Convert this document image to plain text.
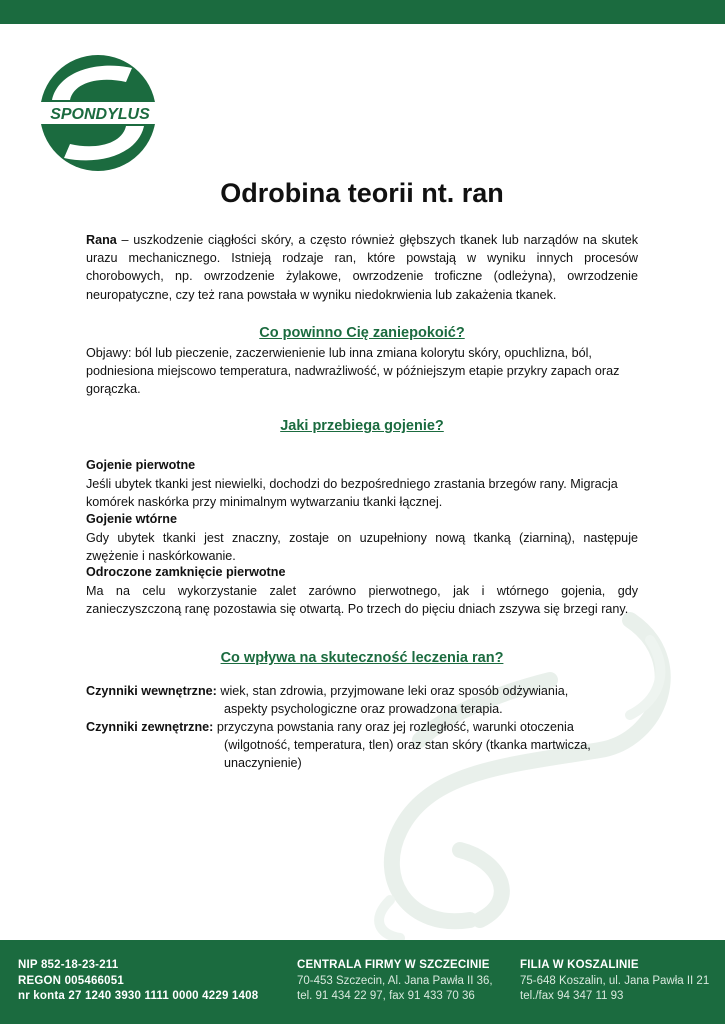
SPONDYLUS
Odrobina teorii nt. ran

Rana – uszkodzenie ciągłości skóry, a często również głębszych tkanek lub narządów na skutek urazu mechanicznego. Istnieją rodzaje ran, które powstają w wyniku innych procesów chorobowych, np. owrzodzenie żylakowe, owrzodzenie troficzne (odleżyna), owrzodzenie neuropatyczne, czy też rana powstała w wyniku niedokrwienia lub zakażenia tkanek.

Co powinno Cię zaniepokoić?

Objawy: ból lub pieczenie, zaczerwienienie lub inna zmiana kolorytu skóry, opuchlizna, ból, podniesiona miejscowo temperatura, nadwrażliwość, w późniejszym etapie przykry zapach oraz gorączka.

Jaki przebiega gojenie?

Gojenie pierwotne

Jeśli ubytek tkanki jest niewielki, dochodzi do bezpośredniego zrastania brzegów rany. Migracja komórek naskórka przy minimalnym wytwarzaniu tkanki łącznej.

Gojenie wtórne

Gdy ubytek tkanki jest znaczny, zostaje on uzupełniony nową tkanką (ziarniną), następuje zwężenie i naskórkowanie.

Odroczone zamknięcie pierwotne

Ma na celu wykorzystanie zalet zarówno pierwotnego, jak i wtórnego gojenia, gdy zanieczyszczoną ranę pozostawia się otwartą. Po trzech do pięciu dniach zszywa się brzegi rany.

Co wpływa na skuteczność leczenia ran?
Czynniki wewnętrzne: wiek, stan zdrowia, przyjmowane leki oraz sposób odżywiania,
aspekty psychologiczne oraz prowadzona terapia.
Czynniki zewnętrzne: przyczyna powstania rany oraz jej rozległość, warunki otoczenia
(wilgotność, temperatura, tlen) oraz stan skóry (tkanka martwicza,
unaczynienie)
NIP 852-18-23-211
REGON 005466051
nr konta 27 1240 3930 1111 0000 4229 1408
CENTRALA FIRMY W SZCZECINIE
70-453 Szczecin, Al. Jana Pawła II 36,
tel. 91 434 22 97, fax 91 433 70 36
FILIA W KOSZALINIE
75-648 Koszalin, ul. Jana Pawła II 21
tel./fax 94 347 11 93
